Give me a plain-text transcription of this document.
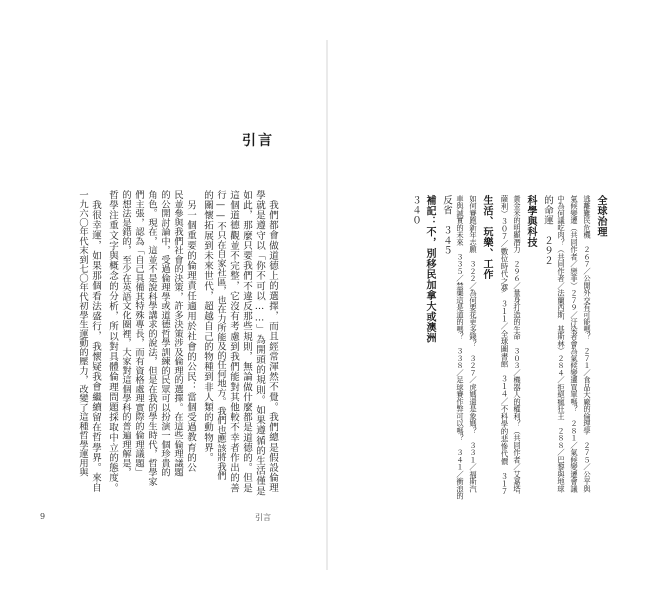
引言
我們都會做道德上的選擇，而且經常渾然不覺。我們總是假設倫理
學就是遵守以「你不可以……」為開頭的規則。如果遵循的生活僅是
如此，那麼只要我們不違反那些規則，無論做什麼都是道德的。但是
這個道德觀並不完整，它沒有考慮到我們能對其他較不幸者作出的善
行——不只在自家社區，也在力所能及的任何地方。我們也應該將我們
的關懷拓展到未來世代，超越自己的物種到非人類的動物界。
另一個重要的倫理責任適用於社會的公民：當個受過教育的公
民並參與我們社會的決策，許多決策涉及倫理的選擇。在這些倫理議題
的公開討論中，受過倫理學或道德哲學訓練的民眾可以扮演一個珍貴的
角色。現在，這並不是說科學講求的說法，但是在我的學生時代，哲學家
們主張，認為「自己具備其特殊專長，而有資格處理實際的倫理議題」
的想法是錯的，至少在英語文化圈裡，大家對這個學科的普遍理解是，
哲學注重文字與概念的分析，所以對具體倫理問題採取中立的態度。
我很幸運，如果那個看法盛行，我懷疑我會繼續留在哲學界。來自
一九六〇年代末到七〇年代初學生運動的壓力，改變了這種哲學運用與
9	引言
全球治理
逃離難民危機　２６７／公開外交有可能嗎？　２７１／食品大廠的倫理學　２７５／公平與
氣候變遷（共同作者／戀菲）２７９／汙染者會為氣候變遷買單嗎？　２８１／氣候變遷會議
中為何議吃肉？（共同作者／法蘭西斯．基斯林）２８４／拒絕瘋狂王　２８８／巴黎與地球
的命運　２９２
科學與科技
黃金米的明顯潛力　２９６／量身打造的生命　３０３／機器人的權利？（共同作者／艾嘉塔．
薩利）３０７／數位時代之夢　３１１／全球圖書館　３１４／不科學的悲慘代價　３１７
生活、玩樂、工作
如何賽跑新年志願　３２２／為何要花更多錢？　３２７／虎媽還是象媽？　３３１／福斯汽
車與誠實的未來　３３５／禁藥這是道的嗎？　３３８／足球賽作弊可以嗎？　３４１／衝浪的
反省　３４５
補記：不，別移民加拿大或澳洲
３４０
